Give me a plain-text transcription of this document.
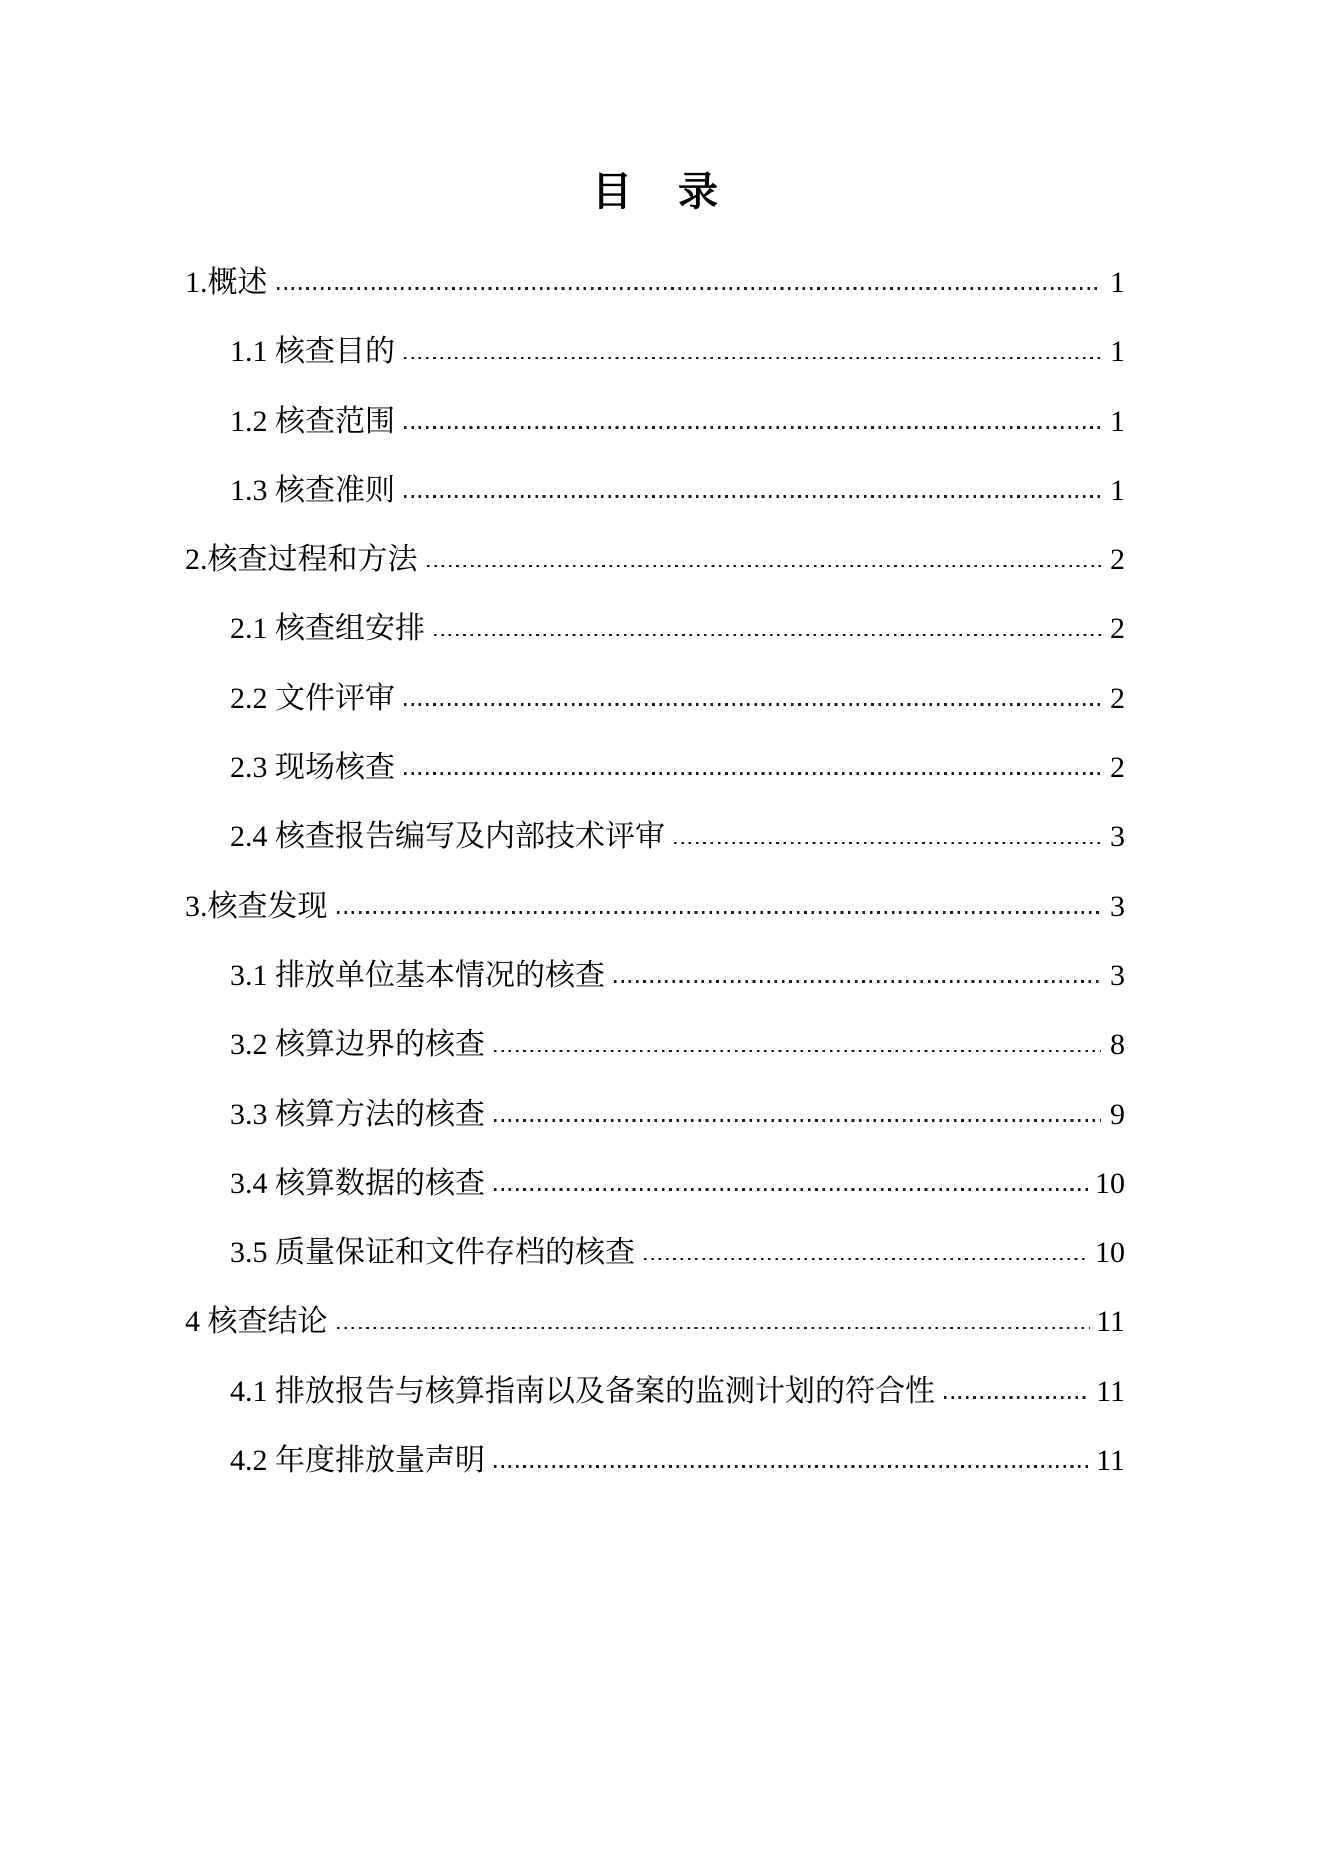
目 录
1.概述	1
1.1 核查目的	1
1.2 核查范围	1
1.3 核查准则	1
2.核查过程和方法	2
2.1 核查组安排	2
2.2 文件评审	2
2.3 现场核查	2
2.4 核查报告编写及内部技术评审	3
3.核查发现	3
3.1 排放单位基本情况的核查	3
3.2 核算边界的核查	8
3.3 核算方法的核查	9
3.4 核算数据的核查	10
3.5 质量保证和文件存档的核查	10
4 核查结论	11
4.1 排放报告与核算指南以及备案的监测计划的符合性	11
4.2 年度排放量声明	11
